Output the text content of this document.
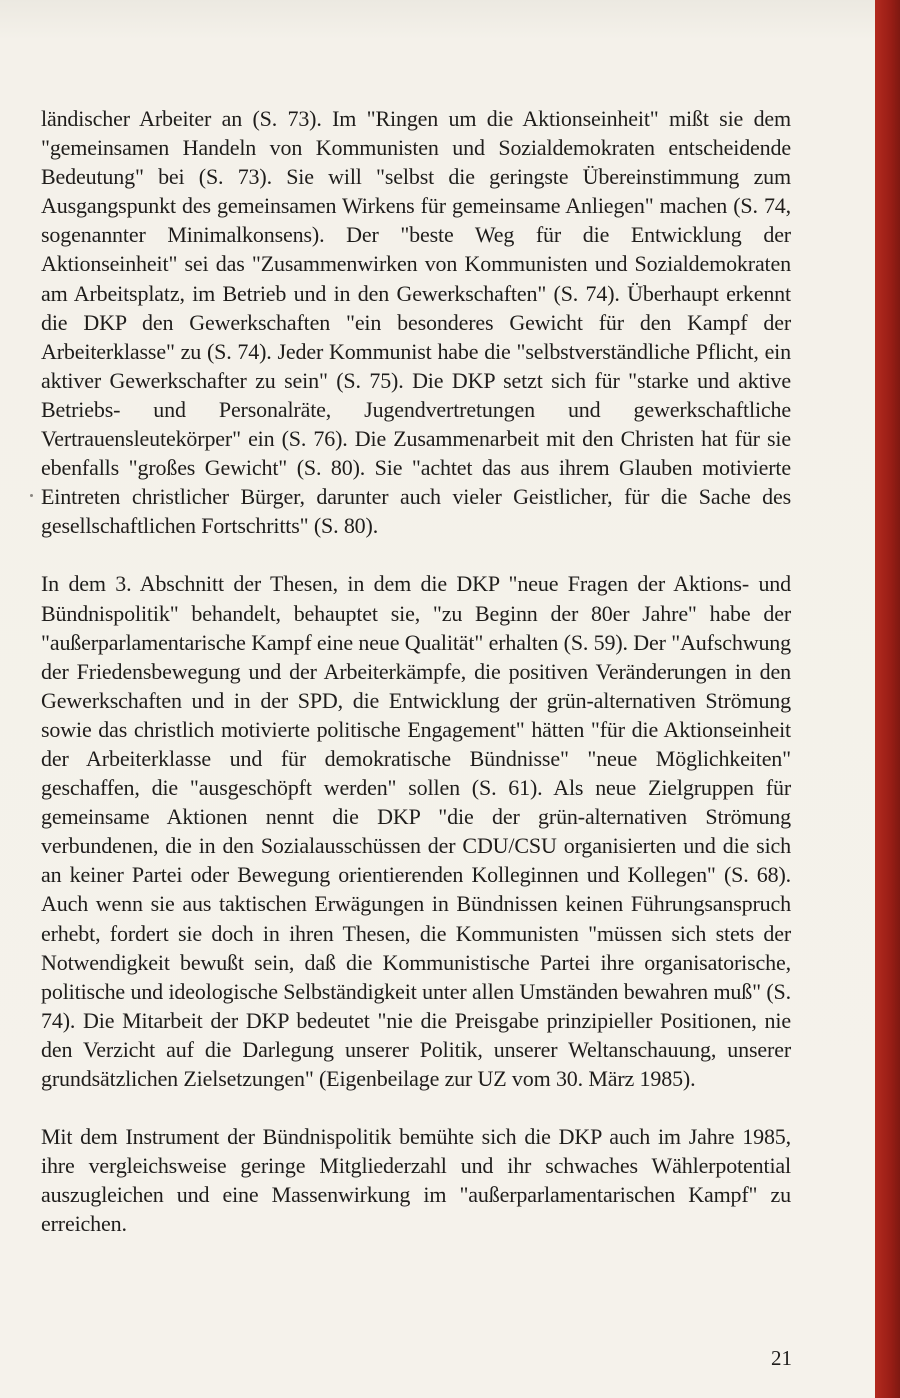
ländischer Arbeiter an (S. 73). Im "Ringen um die Aktionseinheit" mißt sie dem "gemeinsamen Handeln von Kommunisten und Sozialdemokraten entscheidende Bedeutung" bei (S. 73). Sie will "selbst die geringste Übereinstimmung zum Ausgangspunkt des gemeinsamen Wirkens für gemeinsame Anliegen" machen (S. 74, sogenannter Minimalkonsens). Der "beste Weg für die Entwicklung der Aktionseinheit" sei das "Zusammenwirken von Kommunisten und Sozialdemokraten am Arbeitsplatz, im Betrieb und in den Gewerkschaften" (S. 74). Überhaupt erkennt die DKP den Gewerkschaften "ein besonderes Gewicht für den Kampf der Arbeiterklasse" zu (S. 74). Jeder Kommunist habe die "selbstverständliche Pflicht, ein aktiver Gewerkschafter zu sein" (S. 75). Die DKP setzt sich für "starke und aktive Betriebs- und Personalräte, Jugendvertretungen und gewerkschaftliche Vertrauensleutekörper" ein (S. 76). Die Zusammenarbeit mit den Christen hat für sie ebenfalls "großes Gewicht" (S. 80). Sie "achtet das aus ihrem Glauben motivierte Eintreten christlicher Bürger, darunter auch vieler Geistlicher, für die Sache des gesellschaftlichen Fortschritts" (S. 80).

In dem 3. Abschnitt der Thesen, in dem die DKP "neue Fragen der Aktions- und Bündnispolitik" behandelt, behauptet sie, "zu Beginn der 80er Jahre" habe der "außerparlamentarische Kampf eine neue Qualität" erhalten (S. 59). Der "Aufschwung der Friedensbewegung und der Arbeiterkämpfe, die positiven Veränderungen in den Gewerkschaften und in der SPD, die Entwicklung der grün-alternativen Strömung sowie das christlich motivierte politische Engagement" hätten "für die Aktionseinheit der Arbeiterklasse und für demokratische Bündnisse" "neue Möglichkeiten" geschaffen, die "ausgeschöpft werden" sollen (S. 61). Als neue Zielgruppen für gemeinsame Aktionen nennt die DKP "die der grün-alternativen Strömung verbundenen, die in den Sozialausschüssen der CDU/CSU organisierten und die sich an keiner Partei oder Bewegung orientierenden Kolleginnen und Kollegen" (S. 68). Auch wenn sie aus taktischen Erwägungen in Bündnissen keinen Führungsanspruch erhebt, fordert sie doch in ihren Thesen, die Kommunisten "müssen sich stets der Notwendigkeit bewußt sein, daß die Kommunistische Partei ihre organisatorische, politische und ideologische Selbständigkeit unter allen Umständen bewahren muß" (S. 74). Die Mitarbeit der DKP bedeutet "nie die Preisgabe prinzipieller Positionen, nie den Verzicht auf die Darlegung unserer Politik, unserer Weltanschauung, unserer grundsätzlichen Zielsetzungen" (Eigenbeilage zur UZ vom 30. März 1985).

Mit dem Instrument der Bündnispolitik bemühte sich die DKP auch im Jahre 1985, ihre vergleichsweise geringe Mitgliederzahl und ihr schwaches Wählerpotential auszugleichen und eine Massenwirkung im "außerparlamentarischen Kampf" zu erreichen.

21
